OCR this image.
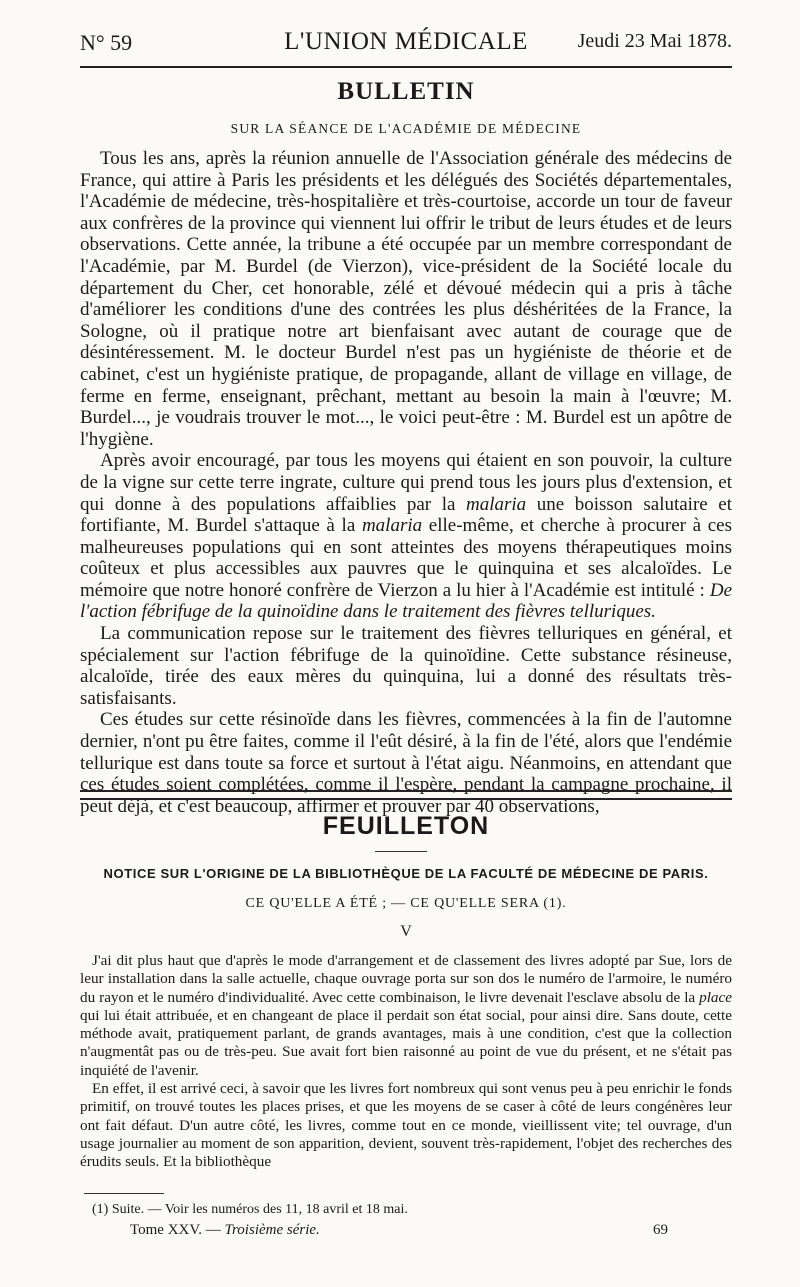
N° 59	L'UNION MÉDICALE	Jeudi 23 Mai 1878.
BULLETIN
SUR LA SÉANCE DE L'ACADÉMIE DE MÉDECINE

Tous les ans, après la réunion annuelle de l'Association générale des médecins de France, qui attire à Paris les présidents et les délégués des Sociétés départementales, l'Académie de médecine, très-hospitalière et très-courtoise, accorde un tour de faveur aux confrères de la province qui viennent lui offrir le tribut de leurs études et de leurs observations. Cette année, la tribune a été occupée par un membre correspondant de l'Académie, par M. Burdel (de Vierzon), vice-président de la Société locale du département du Cher, cet honorable, zélé et dévoué médecin qui a pris à tâche d'améliorer les conditions d'une des contrées les plus déshéritées de la France, la Sologne, où il pratique notre art bienfaisant avec autant de courage que de désintéressement. M. le docteur Burdel n'est pas un hygiéniste de théorie et de cabinet, c'est un hygiéniste pratique, de propagande, allant de village en village, de ferme en ferme, enseignant, prêchant, mettant au besoin la main à l'œuvre; M. Burdel..., je voudrais trouver le mot..., le voici peut-être : M. Burdel est un apôtre de l'hygiène.

Après avoir encouragé, par tous les moyens qui étaient en son pouvoir, la culture de la vigne sur cette terre ingrate, culture qui prend tous les jours plus d'extension, et qui donne à des populations affaiblies par la malaria une boisson salutaire et fortifiante, M. Burdel s'attaque à la malaria elle-même, et cherche à procurer à ces malheureuses populations qui en sont atteintes des moyens thérapeutiques moins coûteux et plus accessibles aux pauvres que le quinquina et ses alcaloïdes. Le mémoire que notre honoré confrère de Vierzon a lu hier à l'Académie est intitulé : De l'action fébrifuge de la quinoïdine dans le traitement des fièvres telluriques.

La communication repose sur le traitement des fièvres telluriques en général, et spécialement sur l'action fébrifuge de la quinoïdine. Cette substance résineuse, alcaloïde, tirée des eaux mères du quinquina, lui a donné des résultats très-satisfaisants.

Ces études sur cette résinoïde dans les fièvres, commencées à la fin de l'automne dernier, n'ont pu être faites, comme il l'eût désiré, à la fin de l'été, alors que l'endémie tellurique est dans toute sa force et surtout à l'état aigu. Néanmoins, en attendant que ces études soient complétées, comme il l'espère, pendant la campagne prochaine, il peut déjà, et c'est beaucoup, affirmer et prouver par 40 observations,

FEUILLETON
NOTICE SUR L'ORIGINE DE LA BIBLIOTHÈQUE DE LA FACULTÉ DE MÉDECINE DE PARIS.
CE QU'ELLE A ÉTÉ ; — CE QU'ELLE SERA (1).
V

J'ai dit plus haut que d'après le mode d'arrangement et de classement des livres adopté par Sue, lors de leur installation dans la salle actuelle, chaque ouvrage porta sur son dos le numéro de l'armoire, le numéro du rayon et le numéro d'individualité. Avec cette combinaison, le livre devenait l'esclave absolu de la place qui lui était attribuée, et en changeant de place il perdait son état social, pour ainsi dire. Sans doute, cette méthode avait, pratiquement parlant, de grands avantages, mais à une condition, c'est que la collection n'augmentât pas ou de très-peu. Sue avait fort bien raisonné au point de vue du présent, et ne s'était pas inquiété de l'avenir.

En effet, il est arrivé ceci, à savoir que les livres fort nombreux qui sont venus peu à peu enrichir le fonds primitif, on trouvé toutes les places prises, et que les moyens de se caser à côté de leurs congénères leur ont fait défaut. D'un autre côté, les livres, comme tout en ce monde, vieillissent vite; tel ouvrage, d'un usage journalier au moment de son apparition, devient, souvent très-rapidement, l'objet des recherches des érudits seuls. Et la bibliothèque

(1) Suite. — Voir les numéros des 11, 18 avril et 18 mai.
Tome XXV. — Troisième série.	69
